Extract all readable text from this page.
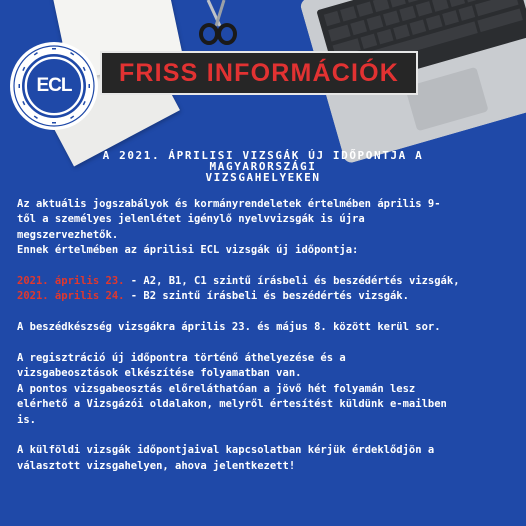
ECL	FRISS INFORMÁCIÓK
A 2021. ÁPRILISI VIZSGÁK ÚJ IDŐPONTJA A
MAGYARORSZÁGI
VIZSGAHELYEKEN

Az aktuális jogszabályok és kormányrendeletek értelmében április 9-

től a személyes jelenlétet igénylő nyelvvizsgák is újra

megszervezhetők.

Ennek értelmében az áprilisi ECL vizsgák új időpontja:

2021. április 23. - A2, B1, C1 szintű írásbeli és beszédértés vizsgák,

2021. április 24. - B2 szintű írásbeli és beszédértés vizsgák.

A beszédkészség vizsgákra április 23. és május 8. között kerül sor.

A regisztráció új időpontra történő áthelyezése és a

vizsgabeosztások elkészítése folyamatban van.

A pontos vizsgabeosztás előreláthatóan a jövő hét folyamán lesz

elérhető a Vizsgázói oldalakon, melyről értesítést küldünk e-mailben

is.

A külföldi vizsgák időpontjaival kapcsolatban kérjük érdeklődjön a

választott vizsgahelyen, ahova jelentkezett!
